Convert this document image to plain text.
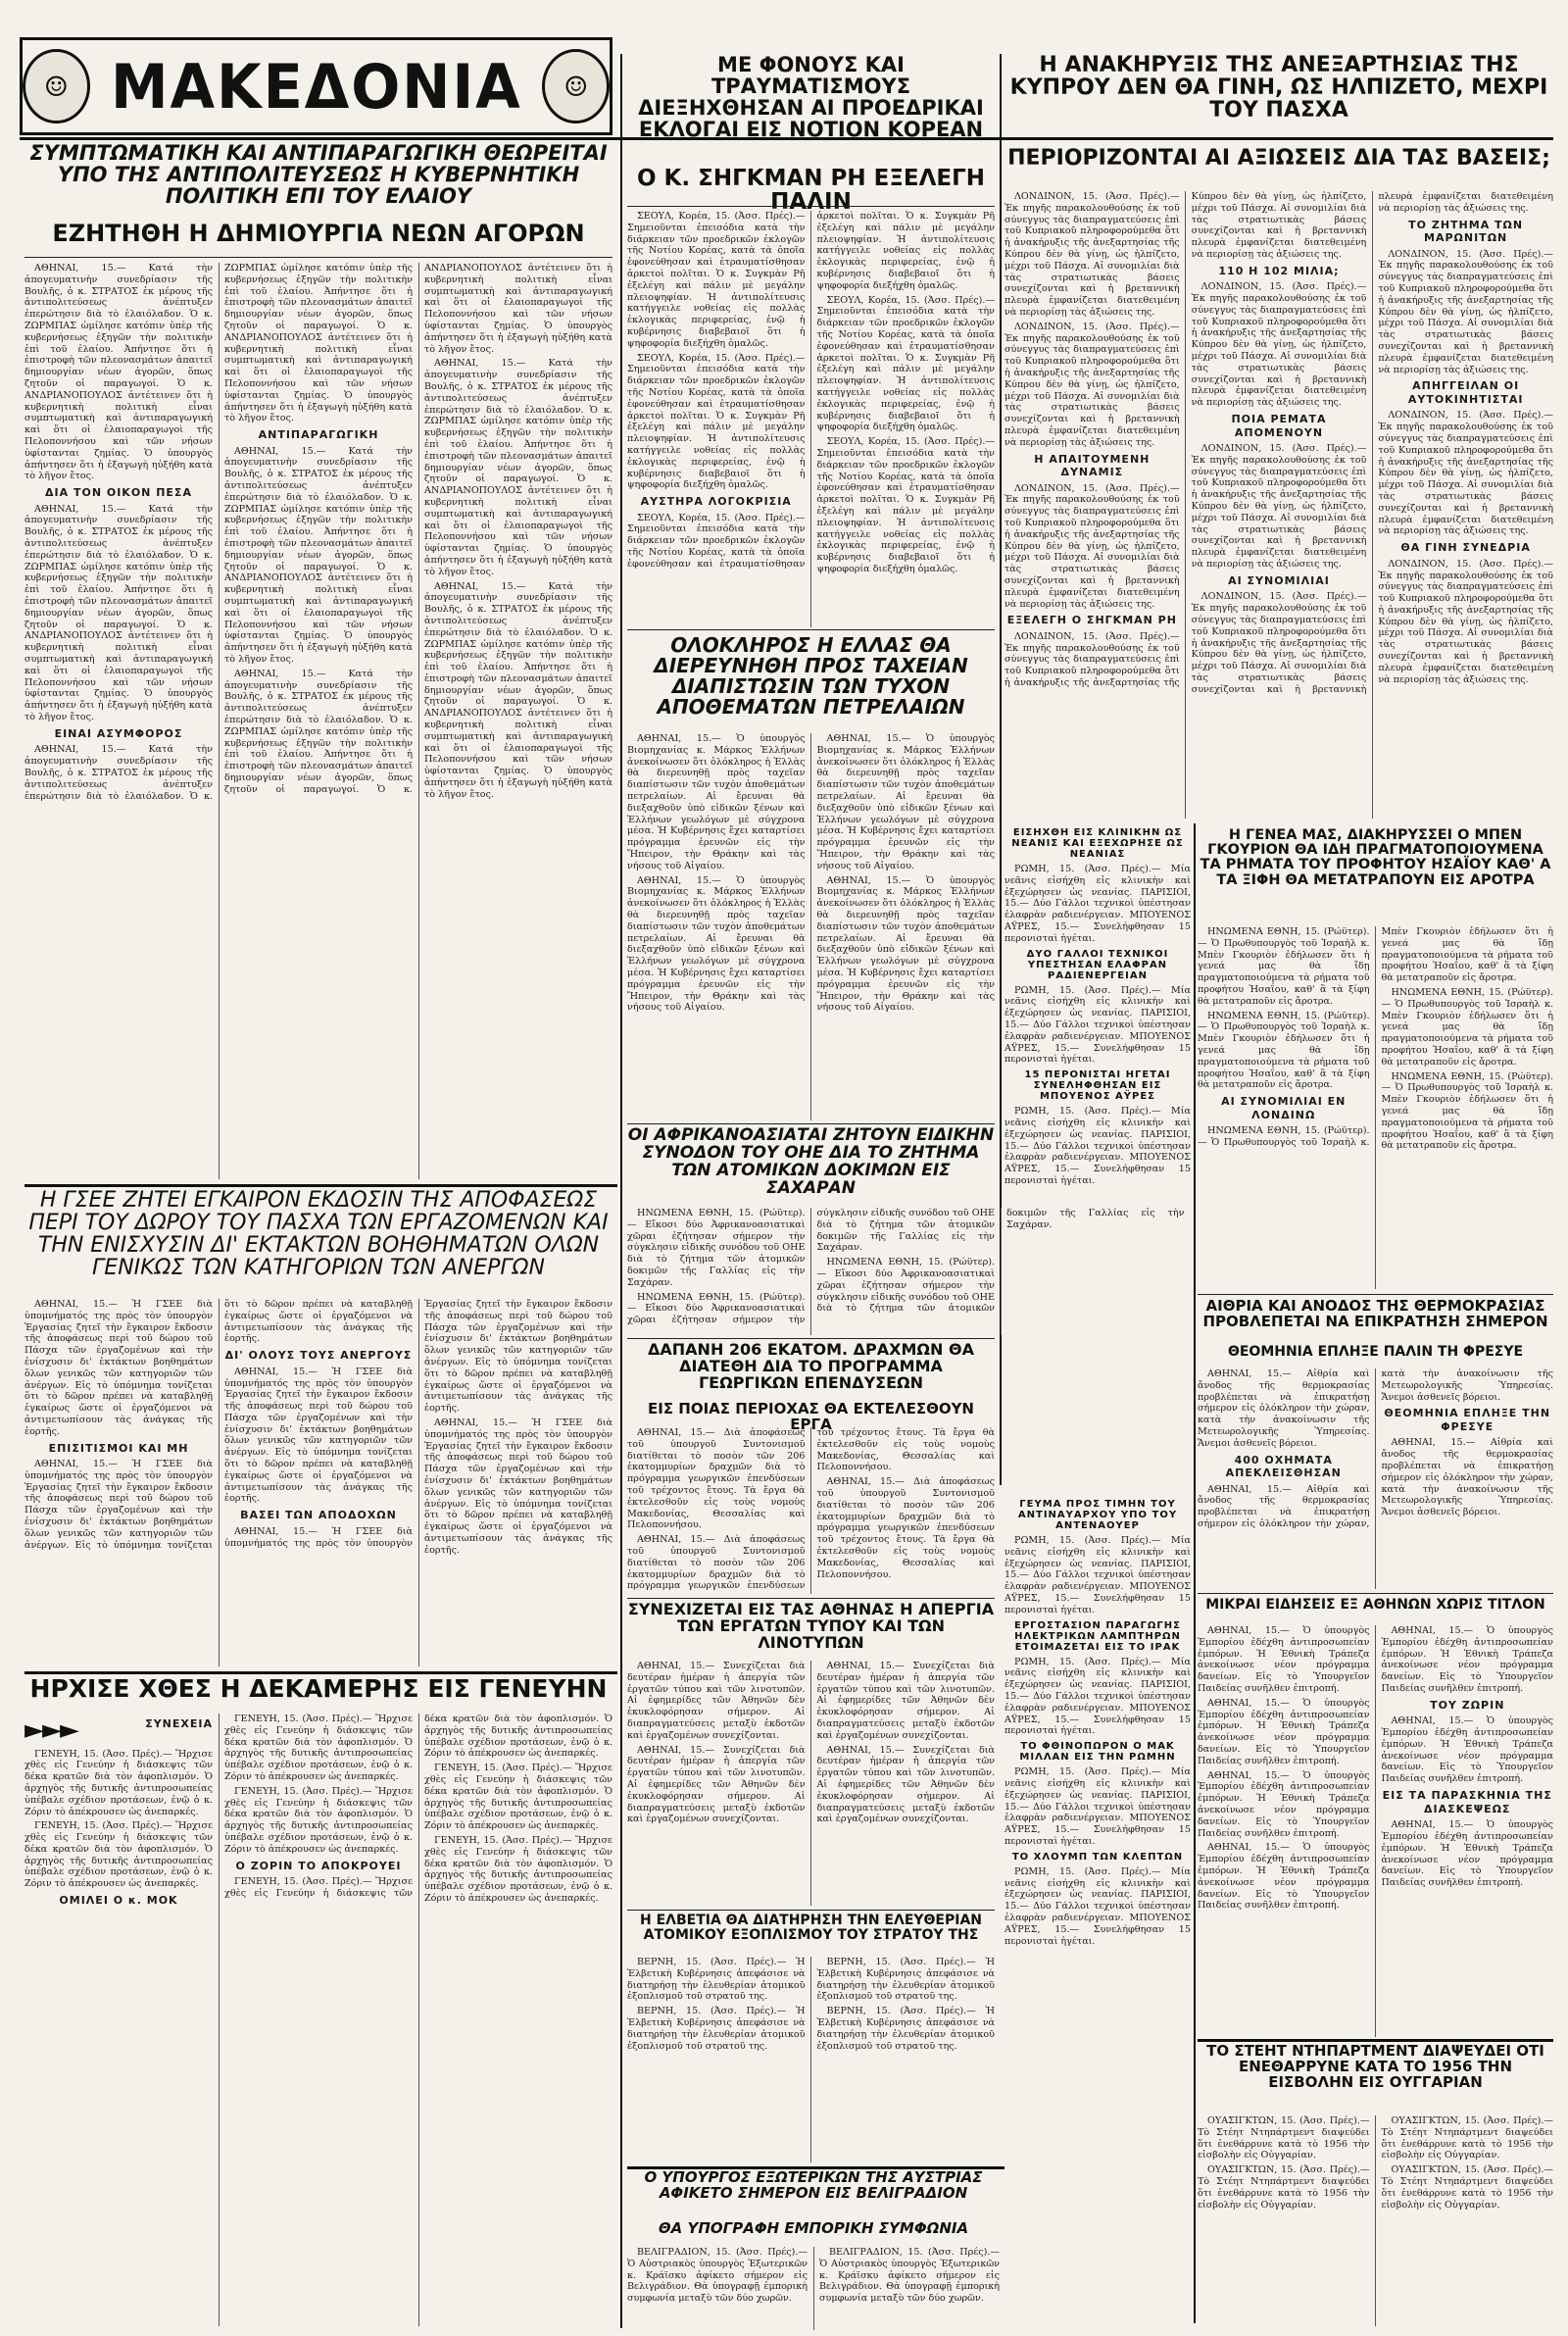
☺ ΜΑΚΕΔΟΝΙΑ	☺
ΣΥΜΠΤΩΜΑΤΙΚΗ ΚΑΙ ΑΝΤΙΠΑΡΑΓΩΓΙΚΗ ΘΕΩΡΕΙΤΑΙ ΥΠΟ ΤΗΣ ΑΝΤΙΠΟΛΙΤΕΥΣΕΩΣ Η ΚΥΒΕΡΝΗΤΙΚΗ ΠΟΛΙΤΙΚΗ ΕΠΙ ΤΟΥ ΕΛΑΙΟΥ
ΕΖΗΤΗΘΗ Η ΔΗΜΙΟΥΡΓΙΑ ΝΕΩΝ ΑΓΟΡΩΝ

ΑΘΗΝΑΙ, 15.— Κατά τὴν ἀπογευματινὴν συνεδρίασιν τῆς Βουλῆς, ὁ κ. ΣΤΡΑΤΟΣ ἐκ μέρους τῆς ἀντιπολιτεύσεως ἀνέπτυξεν ἐπερώτησιν διὰ τὸ ἐλαιόλαδον. Ὁ κ. ΖΩΡΜΠΑΣ ὡμίλησε κατόπιν ὑπὲρ τῆς κυβερνήσεως ἐξηγῶν τὴν πολιτικὴν ἐπὶ τοῦ ἐλαίου. Ἀπήντησε ὅτι ἡ ἐπιστροφὴ τῶν πλεονασμάτων ἀπαιτεῖ δημιουργίαν νέων ἀγορῶν, ὅπως ζητοῦν οἱ παραγωγοί. Ὁ κ. ΑΝΔΡΙΑΝΟΠΟΥΛΟΣ ἀντέτεινεν ὅτι ἡ κυβερνητικὴ πολιτικὴ εἶναι συμπτωματικὴ καὶ ἀντιπαραγωγική καὶ ὅτι οἱ ἐλαιοπαραγωγοὶ τῆς Πελοποννήσου καὶ τῶν νήσων ὑφίστανται ζημίας. Ὁ ὑπουργὸς ἀπήντησεν ὅτι ἡ ἐξαγωγὴ ηὐξήθη κατὰ τὸ λῆγον ἔτος.

ΔΙΑ ΤΟΝ ΟΙΚΟΝ ΠΕΣΑ

ΑΘΗΝΑΙ, 15.— Κατά τὴν ἀπογευματινὴν συνεδρίασιν τῆς Βουλῆς, ὁ κ. ΣΤΡΑΤΟΣ ἐκ μέρους τῆς ἀντιπολιτεύσεως ἀνέπτυξεν ἐπερώτησιν διὰ τὸ ἐλαιόλαδον. Ὁ κ. ΖΩΡΜΠΑΣ ὡμίλησε κατόπιν ὑπὲρ τῆς κυβερνήσεως ἐξηγῶν τὴν πολιτικὴν ἐπὶ τοῦ ἐλαίου. Ἀπήντησε ὅτι ἡ ἐπιστροφὴ τῶν πλεονασμάτων ἀπαιτεῖ δημιουργίαν νέων ἀγορῶν, ὅπως ζητοῦν οἱ παραγωγοί. Ὁ κ. ΑΝΔΡΙΑΝΟΠΟΥΛΟΣ ἀντέτεινεν ὅτι ἡ κυβερνητικὴ πολιτικὴ εἶναι συμπτωματικὴ καὶ ἀντιπαραγωγική καὶ ὅτι οἱ ἐλαιοπαραγωγοὶ τῆς Πελοποννήσου καὶ τῶν νήσων ὑφίστανται ζημίας. Ὁ ὑπουργὸς ἀπήντησεν ὅτι ἡ ἐξαγωγὴ ηὐξήθη κατὰ τὸ λῆγον ἔτος.

ΕΙΝΑΙ ΑΣΥΜΦΟΡΟΣ

ΑΘΗΝΑΙ, 15.— Κατά τὴν ἀπογευματινὴν συνεδρίασιν τῆς Βουλῆς, ὁ κ. ΣΤΡΑΤΟΣ ἐκ μέρους τῆς ἀντιπολιτεύσεως ἀνέπτυξεν ἐπερώτησιν διὰ τὸ ἐλαιόλαδον. Ὁ κ. ΖΩΡΜΠΑΣ ὡμίλησε κατόπιν ὑπὲρ τῆς κυβερνήσεως ἐξηγῶν τὴν πολιτικὴν ἐπὶ τοῦ ἐλαίου. Ἀπήντησε ὅτι ἡ ἐπιστροφὴ τῶν πλεονασμάτων ἀπαιτεῖ δημιουργίαν νέων ἀγορῶν, ὅπως ζητοῦν οἱ παραγωγοί. Ὁ κ. ΑΝΔΡΙΑΝΟΠΟΥΛΟΣ ἀντέτεινεν ὅτι ἡ κυβερνητικὴ πολιτικὴ εἶναι συμπτωματικὴ καὶ ἀντιπαραγωγική καὶ ὅτι οἱ ἐλαιοπαραγωγοὶ τῆς Πελοποννήσου καὶ τῶν νήσων ὑφίστανται ζημίας. Ὁ ὑπουργὸς ἀπήντησεν ὅτι ἡ ἐξαγωγὴ ηὐξήθη κατὰ τὸ λῆγον ἔτος.

ΑΝΤΙΠΑΡΑΓΩΓΙΚΗ

ΑΘΗΝΑΙ, 15.— Κατά τὴν ἀπογευματινὴν συνεδρίασιν τῆς Βουλῆς, ὁ κ. ΣΤΡΑΤΟΣ ἐκ μέρους τῆς ἀντιπολιτεύσεως ἀνέπτυξεν ἐπερώτησιν διὰ τὸ ἐλαιόλαδον. Ὁ κ. ΖΩΡΜΠΑΣ ὡμίλησε κατόπιν ὑπὲρ τῆς κυβερνήσεως ἐξηγῶν τὴν πολιτικὴν ἐπὶ τοῦ ἐλαίου. Ἀπήντησε ὅτι ἡ ἐπιστροφὴ τῶν πλεονασμάτων ἀπαιτεῖ δημιουργίαν νέων ἀγορῶν, ὅπως ζητοῦν οἱ παραγωγοί. Ὁ κ. ΑΝΔΡΙΑΝΟΠΟΥΛΟΣ ἀντέτεινεν ὅτι ἡ κυβερνητικὴ πολιτικὴ εἶναι συμπτωματικὴ καὶ ἀντιπαραγωγική καὶ ὅτι οἱ ἐλαιοπαραγωγοὶ τῆς Πελοποννήσου καὶ τῶν νήσων ὑφίστανται ζημίας. Ὁ ὑπουργὸς ἀπήντησεν ὅτι ἡ ἐξαγωγὴ ηὐξήθη κατὰ τὸ λῆγον ἔτος.

ΑΘΗΝΑΙ, 15.— Κατά τὴν ἀπογευματινὴν συνεδρίασιν τῆς Βουλῆς, ὁ κ. ΣΤΡΑΤΟΣ ἐκ μέρους τῆς ἀντιπολιτεύσεως ἀνέπτυξεν ἐπερώτησιν διὰ τὸ ἐλαιόλαδον. Ὁ κ. ΖΩΡΜΠΑΣ ὡμίλησε κατόπιν ὑπὲρ τῆς κυβερνήσεως ἐξηγῶν τὴν πολιτικὴν ἐπὶ τοῦ ἐλαίου. Ἀπήντησε ὅτι ἡ ἐπιστροφὴ τῶν πλεονασμάτων ἀπαιτεῖ δημιουργίαν νέων ἀγορῶν, ὅπως ζητοῦν οἱ παραγωγοί. Ὁ κ. ΑΝΔΡΙΑΝΟΠΟΥΛΟΣ ἀντέτεινεν ὅτι ἡ κυβερνητικὴ πολιτικὴ εἶναι συμπτωματικὴ καὶ ἀντιπαραγωγική καὶ ὅτι οἱ ἐλαιοπαραγωγοὶ τῆς Πελοποννήσου καὶ τῶν νήσων ὑφίστανται ζημίας. Ὁ ὑπουργὸς ἀπήντησεν ὅτι ἡ ἐξαγωγὴ ηὐξήθη κατὰ τὸ λῆγον ἔτος.

ΑΘΗΝΑΙ, 15.— Κατά τὴν ἀπογευματινὴν συνεδρίασιν τῆς Βουλῆς, ὁ κ. ΣΤΡΑΤΟΣ ἐκ μέρους τῆς ἀντιπολιτεύσεως ἀνέπτυξεν ἐπερώτησιν διὰ τὸ ἐλαιόλαδον. Ὁ κ. ΖΩΡΜΠΑΣ ὡμίλησε κατόπιν ὑπὲρ τῆς κυβερνήσεως ἐξηγῶν τὴν πολιτικὴν ἐπὶ τοῦ ἐλαίου. Ἀπήντησε ὅτι ἡ ἐπιστροφὴ τῶν πλεονασμάτων ἀπαιτεῖ δημιουργίαν νέων ἀγορῶν, ὅπως ζητοῦν οἱ παραγωγοί. Ὁ κ. ΑΝΔΡΙΑΝΟΠΟΥΛΟΣ ἀντέτεινεν ὅτι ἡ κυβερνητικὴ πολιτικὴ εἶναι συμπτωματικὴ καὶ ἀντιπαραγωγική καὶ ὅτι οἱ ἐλαιοπαραγωγοὶ τῆς Πελοποννήσου καὶ τῶν νήσων ὑφίστανται ζημίας. Ὁ ὑπουργὸς ἀπήντησεν ὅτι ἡ ἐξαγωγὴ ηὐξήθη κατὰ τὸ λῆγον ἔτος.

ΑΘΗΝΑΙ, 15.— Κατά τὴν ἀπογευματινὴν συνεδρίασιν τῆς Βουλῆς, ὁ κ. ΣΤΡΑΤΟΣ ἐκ μέρους τῆς ἀντιπολιτεύσεως ἀνέπτυξεν ἐπερώτησιν διὰ τὸ ἐλαιόλαδον. Ὁ κ. ΖΩΡΜΠΑΣ ὡμίλησε κατόπιν ὑπὲρ τῆς κυβερνήσεως ἐξηγῶν τὴν πολιτικὴν ἐπὶ τοῦ ἐλαίου. Ἀπήντησε ὅτι ἡ ἐπιστροφὴ τῶν πλεονασμάτων ἀπαιτεῖ δημιουργίαν νέων ἀγορῶν, ὅπως ζητοῦν οἱ παραγωγοί. Ὁ κ. ΑΝΔΡΙΑΝΟΠΟΥΛΟΣ ἀντέτεινεν ὅτι ἡ κυβερνητικὴ πολιτικὴ εἶναι συμπτωματικὴ καὶ ἀντιπαραγωγική καὶ ὅτι οἱ ἐλαιοπαραγωγοὶ τῆς Πελοποννήσου καὶ τῶν νήσων ὑφίστανται ζημίας. Ὁ ὑπουργὸς ἀπήντησεν ὅτι ἡ ἐξαγωγὴ ηὐξήθη κατὰ τὸ λῆγον ἔτος.

Η ΓΣΕΕ ΖΗΤΕΙ ΕΓΚΑΙΡΟΝ ΕΚΔΟΣΙΝ ΤΗΣ ΑΠΟΦΑΣΕΩΣ ΠΕΡΙ ΤΟΥ ΔΩΡΟΥ ΤΟΥ ΠΑΣΧΑ ΤΩΝ ΕΡΓΑΖΟΜΕΝΩΝ ΚΑΙ ΤΗΝ ΕΝΙΣΧΥΣΙΝ ΔΙ' ΕΚΤΑΚΤΩΝ ΒΟΗΘΗΜΑΤΩΝ ΟΛΩΝ ΓΕΝΙΚΩΣ ΤΩΝ ΚΑΤΗΓΟΡΙΩΝ ΤΩΝ ΑΝΕΡΓΩΝ

ΑΘΗΝΑΙ, 15.— Ἡ ΓΣΕΕ διὰ ὑπομνήματός της πρὸς τὸν ὑπουργὸν Ἐργασίας ζητεῖ τὴν ἔγκαιρον ἔκδοσιν τῆς ἀποφάσεως περὶ τοῦ δώρου τοῦ Πάσχα τῶν ἐργαζομένων καὶ τὴν ἐνίσχυσιν δι' ἐκτάκτων βοηθημάτων ὅλων γενικῶς τῶν κατηγοριῶν τῶν ἀνέργων. Εἰς τὸ ὑπόμνημα τονίζεται ὅτι τὸ δῶρον πρέπει νὰ καταβληθῇ ἐγκαίρως ὥστε οἱ ἐργαζόμενοι νὰ ἀντιμετωπίσουν τὰς ἀνάγκας τῆς ἑορτῆς.

ΕΠΙΣΙΤΙΣΜΟΙ ΚΑΙ ΜΗ

ΑΘΗΝΑΙ, 15.— Ἡ ΓΣΕΕ διὰ ὑπομνήματός της πρὸς τὸν ὑπουργὸν Ἐργασίας ζητεῖ τὴν ἔγκαιρον ἔκδοσιν τῆς ἀποφάσεως περὶ τοῦ δώρου τοῦ Πάσχα τῶν ἐργαζομένων καὶ τὴν ἐνίσχυσιν δι' ἐκτάκτων βοηθημάτων ὅλων γενικῶς τῶν κατηγοριῶν τῶν ἀνέργων. Εἰς τὸ ὑπόμνημα τονίζεται ὅτι τὸ δῶρον πρέπει νὰ καταβληθῇ ἐγκαίρως ὥστε οἱ ἐργαζόμενοι νὰ ἀντιμετωπίσουν τὰς ἀνάγκας τῆς ἑορτῆς.

ΔΙ' ΟΛΟΥΣ ΤΟΥΣ ΑΝΕΡΓΟΥΣ

ΑΘΗΝΑΙ, 15.— Ἡ ΓΣΕΕ διὰ ὑπομνήματός της πρὸς τὸν ὑπουργὸν Ἐργασίας ζητεῖ τὴν ἔγκαιρον ἔκδοσιν τῆς ἀποφάσεως περὶ τοῦ δώρου τοῦ Πάσχα τῶν ἐργαζομένων καὶ τὴν ἐνίσχυσιν δι' ἐκτάκτων βοηθημάτων ὅλων γενικῶς τῶν κατηγοριῶν τῶν ἀνέργων. Εἰς τὸ ὑπόμνημα τονίζεται ὅτι τὸ δῶρον πρέπει νὰ καταβληθῇ ἐγκαίρως ὥστε οἱ ἐργαζόμενοι νὰ ἀντιμετωπίσουν τὰς ἀνάγκας τῆς ἑορτῆς.

ΒΑΣΕΙ ΤΩΝ ΑΠΟΔΟΧΩΝ

ΑΘΗΝΑΙ, 15.— Ἡ ΓΣΕΕ διὰ ὑπομνήματός της πρὸς τὸν ὑπουργὸν Ἐργασίας ζητεῖ τὴν ἔγκαιρον ἔκδοσιν τῆς ἀποφάσεως περὶ τοῦ δώρου τοῦ Πάσχα τῶν ἐργαζομένων καὶ τὴν ἐνίσχυσιν δι' ἐκτάκτων βοηθημάτων ὅλων γενικῶς τῶν κατηγοριῶν τῶν ἀνέργων. Εἰς τὸ ὑπόμνημα τονίζεται ὅτι τὸ δῶρον πρέπει νὰ καταβληθῇ ἐγκαίρως ὥστε οἱ ἐργαζόμενοι νὰ ἀντιμετωπίσουν τὰς ἀνάγκας τῆς ἑορτῆς.

ΑΘΗΝΑΙ, 15.— Ἡ ΓΣΕΕ διὰ ὑπομνήματός της πρὸς τὸν ὑπουργὸν Ἐργασίας ζητεῖ τὴν ἔγκαιρον ἔκδοσιν τῆς ἀποφάσεως περὶ τοῦ δώρου τοῦ Πάσχα τῶν ἐργαζομένων καὶ τὴν ἐνίσχυσιν δι' ἐκτάκτων βοηθημάτων ὅλων γενικῶς τῶν κατηγοριῶν τῶν ἀνέργων. Εἰς τὸ ὑπόμνημα τονίζεται ὅτι τὸ δῶρον πρέπει νὰ καταβληθῇ ἐγκαίρως ὥστε οἱ ἐργαζόμενοι νὰ ἀντιμετωπίσουν τὰς ἀνάγκας τῆς ἑορτῆς.

ΗΡΧΙΣΕ ΧΘΕΣ Η ΔΕΚΑΜΕΡΗΣ ΕΙΣ ΓΕΝΕΥΗΝ
►►►	ΣΥΝΕΧΕΙΑ

ΓΕΝΕΥΗ, 15. (Ἀσσ. Πρές).— Ἤρχισε χθὲς εἰς Γενεύην ἡ διάσκεψις τῶν δέκα κρατῶν διὰ τὸν ἀφοπλισμόν. Ὁ ἀρχηγὸς τῆς δυτικῆς ἀντιπροσωπείας ὑπέβαλε σχέδιον προτάσεων, ἐνῷ ὁ κ. Ζόριν τὸ ἀπέκρουσεν ὡς ἀνεπαρκές.

ΓΕΝΕΥΗ, 15. (Ἀσσ. Πρές).— Ἤρχισε χθὲς εἰς Γενεύην ἡ διάσκεψις τῶν δέκα κρατῶν διὰ τὸν ἀφοπλισμόν. Ὁ ἀρχηγὸς τῆς δυτικῆς ἀντιπροσωπείας ὑπέβαλε σχέδιον προτάσεων, ἐνῷ ὁ κ. Ζόριν τὸ ἀπέκρουσεν ὡς ἀνεπαρκές.

ΟΜΙΛΕΙ Ο κ. ΜΟΚ

ΓΕΝΕΥΗ, 15. (Ἀσσ. Πρές).— Ἤρχισε χθὲς εἰς Γενεύην ἡ διάσκεψις τῶν δέκα κρατῶν διὰ τὸν ἀφοπλισμόν. Ὁ ἀρχηγὸς τῆς δυτικῆς ἀντιπροσωπείας ὑπέβαλε σχέδιον προτάσεων, ἐνῷ ὁ κ. Ζόριν τὸ ἀπέκρουσεν ὡς ἀνεπαρκές.

ΓΕΝΕΥΗ, 15. (Ἀσσ. Πρές).— Ἤρχισε χθὲς εἰς Γενεύην ἡ διάσκεψις τῶν δέκα κρατῶν διὰ τὸν ἀφοπλισμόν. Ὁ ἀρχηγὸς τῆς δυτικῆς ἀντιπροσωπείας ὑπέβαλε σχέδιον προτάσεων, ἐνῷ ὁ κ. Ζόριν τὸ ἀπέκρουσεν ὡς ἀνεπαρκές.

Ο ΖΟΡΙΝ ΤΟ ΑΠΟΚΡΟΥΕΙ

ΓΕΝΕΥΗ, 15. (Ἀσσ. Πρές).— Ἤρχισε χθὲς εἰς Γενεύην ἡ διάσκεψις τῶν δέκα κρατῶν διὰ τὸν ἀφοπλισμόν. Ὁ ἀρχηγὸς τῆς δυτικῆς ἀντιπροσωπείας ὑπέβαλε σχέδιον προτάσεων, ἐνῷ ὁ κ. Ζόριν τὸ ἀπέκρουσεν ὡς ἀνεπαρκές.

ΓΕΝΕΥΗ, 15. (Ἀσσ. Πρές).— Ἤρχισε χθὲς εἰς Γενεύην ἡ διάσκεψις τῶν δέκα κρατῶν διὰ τὸν ἀφοπλισμόν. Ὁ ἀρχηγὸς τῆς δυτικῆς ἀντιπροσωπείας ὑπέβαλε σχέδιον προτάσεων, ἐνῷ ὁ κ. Ζόριν τὸ ἀπέκρουσεν ὡς ἀνεπαρκές.

ΓΕΝΕΥΗ, 15. (Ἀσσ. Πρές).— Ἤρχισε χθὲς εἰς Γενεύην ἡ διάσκεψις τῶν δέκα κρατῶν διὰ τὸν ἀφοπλισμόν. Ὁ ἀρχηγὸς τῆς δυτικῆς ἀντιπροσωπείας ὑπέβαλε σχέδιον προτάσεων, ἐνῷ ὁ κ. Ζόριν τὸ ἀπέκρουσεν ὡς ἀνεπαρκές.

ΜΕ ΦΟΝΟΥΣ ΚΑΙ ΤΡΑΥΜΑΤΙΣΜΟΥΣ ΔΙΕΞΗΧΘΗΣΑΝ ΑΙ ΠΡΟΕΔΡΙΚΑΙ ΕΚΛΟΓΑΙ ΕΙΣ ΝΟΤΙΟΝ ΚΟΡΕΑΝ
Ο Κ. ΣΗΓΚΜΑΝ ΡΗ ΕΞΕΛΕΓΗ ΠΑΛΙΝ

ΣΕΟΥΛ, Κορέα, 15. (Ἀσσ. Πρές).— Σημειοῦνται ἐπεισόδια κατὰ τὴν διάρκειαν τῶν προεδρικῶν ἐκλογῶν τῆς Νοτίου Κορέας, κατὰ τὰ ὁποῖα ἐφονεύθησαν καὶ ἐτραυματίσθησαν ἀρκετοὶ πολῖται. Ὁ κ. Συγκμὰν Ρῆ ἐξελέγη καὶ πάλιν μὲ μεγάλην πλειοψηφίαν. Ἡ ἀντιπολίτευσις κατήγγειλε νοθείας εἰς πολλὰς ἐκλογικὰς περιφερείας, ἐνῷ ἡ κυβέρνησις διαβεβαιοῖ ὅτι ἡ ψηφοφορία διεξήχθη ὁμαλῶς.

ΣΕΟΥΛ, Κορέα, 15. (Ἀσσ. Πρές).— Σημειοῦνται ἐπεισόδια κατὰ τὴν διάρκειαν τῶν προεδρικῶν ἐκλογῶν τῆς Νοτίου Κορέας, κατὰ τὰ ὁποῖα ἐφονεύθησαν καὶ ἐτραυματίσθησαν ἀρκετοὶ πολῖται. Ὁ κ. Συγκμὰν Ρῆ ἐξελέγη καὶ πάλιν μὲ μεγάλην πλειοψηφίαν. Ἡ ἀντιπολίτευσις κατήγγειλε νοθείας εἰς πολλὰς ἐκλογικὰς περιφερείας, ἐνῷ ἡ κυβέρνησις διαβεβαιοῖ ὅτι ἡ ψηφοφορία διεξήχθη ὁμαλῶς.

ΑΥΣΤΗΡΑ ΛΟΓΟΚΡΙΣΙΑ

ΣΕΟΥΛ, Κορέα, 15. (Ἀσσ. Πρές).— Σημειοῦνται ἐπεισόδια κατὰ τὴν διάρκειαν τῶν προεδρικῶν ἐκλογῶν τῆς Νοτίου Κορέας, κατὰ τὰ ὁποῖα ἐφονεύθησαν καὶ ἐτραυματίσθησαν ἀρκετοὶ πολῖται. Ὁ κ. Συγκμὰν Ρῆ ἐξελέγη καὶ πάλιν μὲ μεγάλην πλειοψηφίαν. Ἡ ἀντιπολίτευσις κατήγγειλε νοθείας εἰς πολλὰς ἐκλογικὰς περιφερείας, ἐνῷ ἡ κυβέρνησις διαβεβαιοῖ ὅτι ἡ ψηφοφορία διεξήχθη ὁμαλῶς.

ΣΕΟΥΛ, Κορέα, 15. (Ἀσσ. Πρές).— Σημειοῦνται ἐπεισόδια κατὰ τὴν διάρκειαν τῶν προεδρικῶν ἐκλογῶν τῆς Νοτίου Κορέας, κατὰ τὰ ὁποῖα ἐφονεύθησαν καὶ ἐτραυματίσθησαν ἀρκετοὶ πολῖται. Ὁ κ. Συγκμὰν Ρῆ ἐξελέγη καὶ πάλιν μὲ μεγάλην πλειοψηφίαν. Ἡ ἀντιπολίτευσις κατήγγειλε νοθείας εἰς πολλὰς ἐκλογικὰς περιφερείας, ἐνῷ ἡ κυβέρνησις διαβεβαιοῖ ὅτι ἡ ψηφοφορία διεξήχθη ὁμαλῶς.

ΣΕΟΥΛ, Κορέα, 15. (Ἀσσ. Πρές).— Σημειοῦνται ἐπεισόδια κατὰ τὴν διάρκειαν τῶν προεδρικῶν ἐκλογῶν τῆς Νοτίου Κορέας, κατὰ τὰ ὁποῖα ἐφονεύθησαν καὶ ἐτραυματίσθησαν ἀρκετοὶ πολῖται. Ὁ κ. Συγκμὰν Ρῆ ἐξελέγη καὶ πάλιν μὲ μεγάλην πλειοψηφίαν. Ἡ ἀντιπολίτευσις κατήγγειλε νοθείας εἰς πολλὰς ἐκλογικὰς περιφερείας, ἐνῷ ἡ κυβέρνησις διαβεβαιοῖ ὅτι ἡ ψηφοφορία διεξήχθη ὁμαλῶς.

Η ΑΝΑΚΗΡΥΞΙΣ ΤΗΣ ΑΝΕΞΑΡΤΗΣΙΑΣ ΤΗΣ ΚΥΠΡΟΥ ΔΕΝ ΘΑ ΓΙΝΗ, ΩΣ ΗΛΠΙΖΕΤΟ, ΜΕΧΡΙ ΤΟΥ ΠΑΣΧΑ
ΠΕΡΙΟΡΙΖΟΝΤΑΙ ΑΙ ΑΞΙΩΣΕΙΣ ΔΙΑ ΤΑΣ ΒΑΣΕΙΣ;

ΛΟΝΔΙΝΟΝ, 15. (Ἀσσ. Πρές).— Ἐκ πηγῆς παρακολουθούσης ἐκ τοῦ σύνεγγυς τὰς διαπραγματεύσεις ἐπὶ τοῦ Κυπριακοῦ πληροφορούμεθα ὅτι ἡ ἀνακήρυξις τῆς ἀνεξαρτησίας τῆς Κύπρου δὲν θὰ γίνῃ, ὡς ἠλπίζετο, μέχρι τοῦ Πάσχα. Αἱ συνομιλίαι διὰ τὰς στρατιωτικὰς βάσεις συνεχίζονται καὶ ἡ βρεταννικὴ πλευρὰ ἐμφανίζεται διατεθειμένη νὰ περιορίσῃ τὰς ἀξιώσεις της.

ΛΟΝΔΙΝΟΝ, 15. (Ἀσσ. Πρές).— Ἐκ πηγῆς παρακολουθούσης ἐκ τοῦ σύνεγγυς τὰς διαπραγματεύσεις ἐπὶ τοῦ Κυπριακοῦ πληροφορούμεθα ὅτι ἡ ἀνακήρυξις τῆς ἀνεξαρτησίας τῆς Κύπρου δὲν θὰ γίνῃ, ὡς ἠλπίζετο, μέχρι τοῦ Πάσχα. Αἱ συνομιλίαι διὰ τὰς στρατιωτικὰς βάσεις συνεχίζονται καὶ ἡ βρεταννικὴ πλευρὰ ἐμφανίζεται διατεθειμένη νὰ περιορίσῃ τὰς ἀξιώσεις της.

Η ΑΠΑΙΤΟΥΜΕΝΗ ΔΥΝΑΜΙΣ

ΛΟΝΔΙΝΟΝ, 15. (Ἀσσ. Πρές).— Ἐκ πηγῆς παρακολουθούσης ἐκ τοῦ σύνεγγυς τὰς διαπραγματεύσεις ἐπὶ τοῦ Κυπριακοῦ πληροφορούμεθα ὅτι ἡ ἀνακήρυξις τῆς ἀνεξαρτησίας τῆς Κύπρου δὲν θὰ γίνῃ, ὡς ἠλπίζετο, μέχρι τοῦ Πάσχα. Αἱ συνομιλίαι διὰ τὰς στρατιωτικὰς βάσεις συνεχίζονται καὶ ἡ βρεταννικὴ πλευρὰ ἐμφανίζεται διατεθειμένη νὰ περιορίσῃ τὰς ἀξιώσεις της.

ΕΞΕΛΕΓΗ Ο ΣΗΓΚΜΑΝ ΡΗ

ΛΟΝΔΙΝΟΝ, 15. (Ἀσσ. Πρές).— Ἐκ πηγῆς παρακολουθούσης ἐκ τοῦ σύνεγγυς τὰς διαπραγματεύσεις ἐπὶ τοῦ Κυπριακοῦ πληροφορούμεθα ὅτι ἡ ἀνακήρυξις τῆς ἀνεξαρτησίας τῆς Κύπρου δὲν θὰ γίνῃ, ὡς ἠλπίζετο, μέχρι τοῦ Πάσχα. Αἱ συνομιλίαι διὰ τὰς στρατιωτικὰς βάσεις συνεχίζονται καὶ ἡ βρεταννικὴ πλευρὰ ἐμφανίζεται διατεθειμένη νὰ περιορίσῃ τὰς ἀξιώσεις της.

110 Η 102 ΜΙΛΙΑ;

ΛΟΝΔΙΝΟΝ, 15. (Ἀσσ. Πρές).— Ἐκ πηγῆς παρακολουθούσης ἐκ τοῦ σύνεγγυς τὰς διαπραγματεύσεις ἐπὶ τοῦ Κυπριακοῦ πληροφορούμεθα ὅτι ἡ ἀνακήρυξις τῆς ἀνεξαρτησίας τῆς Κύπρου δὲν θὰ γίνῃ, ὡς ἠλπίζετο, μέχρι τοῦ Πάσχα. Αἱ συνομιλίαι διὰ τὰς στρατιωτικὰς βάσεις συνεχίζονται καὶ ἡ βρεταννικὴ πλευρὰ ἐμφανίζεται διατεθειμένη νὰ περιορίσῃ τὰς ἀξιώσεις της.

ΠΟΙΑ ΡΕΜΑΤΑ ΑΠΟΜΕΝΟΥΝ

ΛΟΝΔΙΝΟΝ, 15. (Ἀσσ. Πρές).— Ἐκ πηγῆς παρακολουθούσης ἐκ τοῦ σύνεγγυς τὰς διαπραγματεύσεις ἐπὶ τοῦ Κυπριακοῦ πληροφορούμεθα ὅτι ἡ ἀνακήρυξις τῆς ἀνεξαρτησίας τῆς Κύπρου δὲν θὰ γίνῃ, ὡς ἠλπίζετο, μέχρι τοῦ Πάσχα. Αἱ συνομιλίαι διὰ τὰς στρατιωτικὰς βάσεις συνεχίζονται καὶ ἡ βρεταννικὴ πλευρὰ ἐμφανίζεται διατεθειμένη νὰ περιορίσῃ τὰς ἀξιώσεις της.

ΑΙ ΣΥΝΟΜΙΛΙΑΙ

ΛΟΝΔΙΝΟΝ, 15. (Ἀσσ. Πρές).— Ἐκ πηγῆς παρακολουθούσης ἐκ τοῦ σύνεγγυς τὰς διαπραγματεύσεις ἐπὶ τοῦ Κυπριακοῦ πληροφορούμεθα ὅτι ἡ ἀνακήρυξις τῆς ἀνεξαρτησίας τῆς Κύπρου δὲν θὰ γίνῃ, ὡς ἠλπίζετο, μέχρι τοῦ Πάσχα. Αἱ συνομιλίαι διὰ τὰς στρατιωτικὰς βάσεις συνεχίζονται καὶ ἡ βρεταννικὴ πλευρὰ ἐμφανίζεται διατεθειμένη νὰ περιορίσῃ τὰς ἀξιώσεις της.

ΤΟ ΖΗΤΗΜΑ ΤΩΝ ΜΑΡΩΝΙΤΩΝ

ΛΟΝΔΙΝΟΝ, 15. (Ἀσσ. Πρές).— Ἐκ πηγῆς παρακολουθούσης ἐκ τοῦ σύνεγγυς τὰς διαπραγματεύσεις ἐπὶ τοῦ Κυπριακοῦ πληροφορούμεθα ὅτι ἡ ἀνακήρυξις τῆς ἀνεξαρτησίας τῆς Κύπρου δὲν θὰ γίνῃ, ὡς ἠλπίζετο, μέχρι τοῦ Πάσχα. Αἱ συνομιλίαι διὰ τὰς στρατιωτικὰς βάσεις συνεχίζονται καὶ ἡ βρεταννικὴ πλευρὰ ἐμφανίζεται διατεθειμένη νὰ περιορίσῃ τὰς ἀξιώσεις της.

ΑΠΗΓΓΕΙΛΑΝ ΟΙ ΑΥΤΟΚΙΝΗΤΙΣΤΑΙ

ΛΟΝΔΙΝΟΝ, 15. (Ἀσσ. Πρές).— Ἐκ πηγῆς παρακολουθούσης ἐκ τοῦ σύνεγγυς τὰς διαπραγματεύσεις ἐπὶ τοῦ Κυπριακοῦ πληροφορούμεθα ὅτι ἡ ἀνακήρυξις τῆς ἀνεξαρτησίας τῆς Κύπρου δὲν θὰ γίνῃ, ὡς ἠλπίζετο, μέχρι τοῦ Πάσχα. Αἱ συνομιλίαι διὰ τὰς στρατιωτικὰς βάσεις συνεχίζονται καὶ ἡ βρεταννικὴ πλευρὰ ἐμφανίζεται διατεθειμένη νὰ περιορίσῃ τὰς ἀξιώσεις της.

ΘΑ ΓΙΝΗ ΣΥΝΕΔΡΙΑ

ΛΟΝΔΙΝΟΝ, 15. (Ἀσσ. Πρές).— Ἐκ πηγῆς παρακολουθούσης ἐκ τοῦ σύνεγγυς τὰς διαπραγματεύσεις ἐπὶ τοῦ Κυπριακοῦ πληροφορούμεθα ὅτι ἡ ἀνακήρυξις τῆς ἀνεξαρτησίας τῆς Κύπρου δὲν θὰ γίνῃ, ὡς ἠλπίζετο, μέχρι τοῦ Πάσχα. Αἱ συνομιλίαι διὰ τὰς στρατιωτικὰς βάσεις συνεχίζονται καὶ ἡ βρεταννικὴ πλευρὰ ἐμφανίζεται διατεθειμένη νὰ περιορίσῃ τὰς ἀξιώσεις της.

ΟΛΟΚΛΗΡΟΣ Η ΕΛΛΑΣ ΘΑ ΔΙΕΡΕΥΝΗΘΗ ΠΡΟΣ ΤΑΧΕΙΑΝ ΔΙΑΠΙΣΤΩΣΙΝ ΤΩΝ ΤΥΧΟΝ ΑΠΟΘΕΜΑΤΩΝ ΠΕΤΡΕΛΑΙΩΝ

ΑΘΗΝΑΙ, 15.— Ὁ ὑπουργὸς Βιομηχανίας κ. Μάρκος Ἑλλήνων ἀνεκοίνωσεν ὅτι ὁλόκληρος ἡ Ἑλλὰς θὰ διερευνηθῇ πρὸς ταχεῖαν διαπίστωσιν τῶν τυχὸν ἀποθεμάτων πετρελαίων. Αἱ ἔρευναι θὰ διεξαχθοῦν ὑπὸ εἰδικῶν ξένων καὶ Ἑλλήνων γεωλόγων μὲ σύγχρονα μέσα. Ἡ Κυβέρνησις ἔχει καταρτίσει πρόγραμμα ἐρευνῶν εἰς τὴν Ἤπειρον, τὴν Θράκην καὶ τὰς νήσους τοῦ Αἰγαίου.

ΑΘΗΝΑΙ, 15.— Ὁ ὑπουργὸς Βιομηχανίας κ. Μάρκος Ἑλλήνων ἀνεκοίνωσεν ὅτι ὁλόκληρος ἡ Ἑλλὰς θὰ διερευνηθῇ πρὸς ταχεῖαν διαπίστωσιν τῶν τυχὸν ἀποθεμάτων πετρελαίων. Αἱ ἔρευναι θὰ διεξαχθοῦν ὑπὸ εἰδικῶν ξένων καὶ Ἑλλήνων γεωλόγων μὲ σύγχρονα μέσα. Ἡ Κυβέρνησις ἔχει καταρτίσει πρόγραμμα ἐρευνῶν εἰς τὴν Ἤπειρον, τὴν Θράκην καὶ τὰς νήσους τοῦ Αἰγαίου.

ΑΘΗΝΑΙ, 15.— Ὁ ὑπουργὸς Βιομηχανίας κ. Μάρκος Ἑλλήνων ἀνεκοίνωσεν ὅτι ὁλόκληρος ἡ Ἑλλὰς θὰ διερευνηθῇ πρὸς ταχεῖαν διαπίστωσιν τῶν τυχὸν ἀποθεμάτων πετρελαίων. Αἱ ἔρευναι θὰ διεξαχθοῦν ὑπὸ εἰδικῶν ξένων καὶ Ἑλλήνων γεωλόγων μὲ σύγχρονα μέσα. Ἡ Κυβέρνησις ἔχει καταρτίσει πρόγραμμα ἐρευνῶν εἰς τὴν Ἤπειρον, τὴν Θράκην καὶ τὰς νήσους τοῦ Αἰγαίου.

ΑΘΗΝΑΙ, 15.— Ὁ ὑπουργὸς Βιομηχανίας κ. Μάρκος Ἑλλήνων ἀνεκοίνωσεν ὅτι ὁλόκληρος ἡ Ἑλλὰς θὰ διερευνηθῇ πρὸς ταχεῖαν διαπίστωσιν τῶν τυχὸν ἀποθεμάτων πετρελαίων. Αἱ ἔρευναι θὰ διεξαχθοῦν ὑπὸ εἰδικῶν ξένων καὶ Ἑλλήνων γεωλόγων μὲ σύγχρονα μέσα. Ἡ Κυβέρνησις ἔχει καταρτίσει πρόγραμμα ἐρευνῶν εἰς τὴν Ἤπειρον, τὴν Θράκην καὶ τὰς νήσους τοῦ Αἰγαίου.

ΟΙ ΑΦΡΙΚΑΝΟΑΣΙΑΤΑΙ ΖΗΤΟΥΝ ΕΙΔΙΚΗΝ ΣΥΝΟΔΟΝ ΤΟΥ ΟΗΕ ΔΙΑ ΤΟ ΖΗΤΗΜΑ ΤΩΝ ΑΤΟΜΙΚΩΝ ΔΟΚΙΜΩΝ ΕΙΣ ΣΑΧΑΡΑΝ

ΗΝΩΜΕΝΑ ΕΘΝΗ, 15. (Ρώϋτερ).— Εἴκοσι δύο Ἀφρικανοασιατικαὶ χῶραι ἐζήτησαν σήμερον τὴν σύγκλησιν εἰδικῆς συνόδου τοῦ ΟΗΕ διὰ τὸ ζήτημα τῶν ἀτομικῶν δοκιμῶν τῆς Γαλλίας εἰς τὴν Σαχάραν.

ΗΝΩΜΕΝΑ ΕΘΝΗ, 15. (Ρώϋτερ).— Εἴκοσι δύο Ἀφρικανοασιατικαὶ χῶραι ἐζήτησαν σήμερον τὴν σύγκλησιν εἰδικῆς συνόδου τοῦ ΟΗΕ διὰ τὸ ζήτημα τῶν ἀτομικῶν δοκιμῶν τῆς Γαλλίας εἰς τὴν Σαχάραν.

ΗΝΩΜΕΝΑ ΕΘΝΗ, 15. (Ρώϋτερ).— Εἴκοσι δύο Ἀφρικανοασιατικαὶ χῶραι ἐζήτησαν σήμερον τὴν σύγκλησιν εἰδικῆς συνόδου τοῦ ΟΗΕ διὰ τὸ ζήτημα τῶν ἀτομικῶν δοκιμῶν τῆς Γαλλίας εἰς τὴν Σαχάραν.

ΔΑΠΑΝΗ 206 ΕΚΑΤΟΜ. ΔΡΑΧΜΩΝ ΘΑ ΔΙΑΤΕΘΗ ΔΙΑ ΤΟ ΠΡΟΓΡΑΜΜΑ ΓΕΩΡΓΙΚΩΝ ΕΠΕΝΔΥΣΕΩΝ
ΕΙΣ ΠΟΙΑΣ ΠΕΡΙΟΧΑΣ ΘΑ ΕΚΤΕΛΕΣΘΟΥΝ ΕΡΓΑ

ΑΘΗΝΑΙ, 15.— Διὰ ἀποφάσεως τοῦ ὑπουργοῦ Συντονισμοῦ διατίθεται τὸ ποσὸν τῶν 206 ἑκατομμυρίων δραχμῶν διὰ τὸ πρόγραμμα γεωργικῶν ἐπενδύσεων τοῦ τρέχοντος ἔτους. Τὰ ἔργα θὰ ἐκτελεσθοῦν εἰς τοὺς νομοὺς Μακεδονίας, Θεσσαλίας καὶ Πελοποννήσου.

ΑΘΗΝΑΙ, 15.— Διὰ ἀποφάσεως τοῦ ὑπουργοῦ Συντονισμοῦ διατίθεται τὸ ποσὸν τῶν 206 ἑκατομμυρίων δραχμῶν διὰ τὸ πρόγραμμα γεωργικῶν ἐπενδύσεων τοῦ τρέχοντος ἔτους. Τὰ ἔργα θὰ ἐκτελεσθοῦν εἰς τοὺς νομοὺς Μακεδονίας, Θεσσαλίας καὶ Πελοποννήσου.

ΑΘΗΝΑΙ, 15.— Διὰ ἀποφάσεως τοῦ ὑπουργοῦ Συντονισμοῦ διατίθεται τὸ ποσὸν τῶν 206 ἑκατομμυρίων δραχμῶν διὰ τὸ πρόγραμμα γεωργικῶν ἐπενδύσεων τοῦ τρέχοντος ἔτους. Τὰ ἔργα θὰ ἐκτελεσθοῦν εἰς τοὺς νομοὺς Μακεδονίας, Θεσσαλίας καὶ Πελοποννήσου.

ΣΥΝΕΧΙΖΕΤΑΙ ΕΙΣ ΤΑΣ ΑΘΗΝΑΣ Η ΑΠΕΡΓΙΑ ΤΩΝ ΕΡΓΑΤΩΝ ΤΥΠΟΥ ΚΑΙ ΤΩΝ ΛΙΝΟΤΥΠΩΝ

ΑΘΗΝΑΙ, 15.— Συνεχίζεται διὰ δευτέραν ἡμέραν ἡ ἀπεργία τῶν ἐργατῶν τύπου καὶ τῶν λινοτυπῶν. Αἱ ἐφημερίδες τῶν Ἀθηνῶν δὲν ἐκυκλοφόρησαν σήμερον. Αἱ διαπραγματεύσεις μεταξὺ ἐκδοτῶν καὶ ἐργαζομένων συνεχίζονται.

ΑΘΗΝΑΙ, 15.— Συνεχίζεται διὰ δευτέραν ἡμέραν ἡ ἀπεργία τῶν ἐργατῶν τύπου καὶ τῶν λινοτυπῶν. Αἱ ἐφημερίδες τῶν Ἀθηνῶν δὲν ἐκυκλοφόρησαν σήμερον. Αἱ διαπραγματεύσεις μεταξὺ ἐκδοτῶν καὶ ἐργαζομένων συνεχίζονται.

ΑΘΗΝΑΙ, 15.— Συνεχίζεται διὰ δευτέραν ἡμέραν ἡ ἀπεργία τῶν ἐργατῶν τύπου καὶ τῶν λινοτυπῶν. Αἱ ἐφημερίδες τῶν Ἀθηνῶν δὲν ἐκυκλοφόρησαν σήμερον. Αἱ διαπραγματεύσεις μεταξὺ ἐκδοτῶν καὶ ἐργαζομένων συνεχίζονται.

ΑΘΗΝΑΙ, 15.— Συνεχίζεται διὰ δευτέραν ἡμέραν ἡ ἀπεργία τῶν ἐργατῶν τύπου καὶ τῶν λινοτυπῶν. Αἱ ἐφημερίδες τῶν Ἀθηνῶν δὲν ἐκυκλοφόρησαν σήμερον. Αἱ διαπραγματεύσεις μεταξὺ ἐκδοτῶν καὶ ἐργαζομένων συνεχίζονται.

Η ΕΛΒΕΤΙΑ ΘΑ ΔΙΑΤΗΡΗΣΗ ΤΗΝ ΕΛΕΥΘΕΡΙΑΝ ΑΤΟΜΙΚΟΥ ΕΞΟΠΛΙΣΜΟΥ ΤΟΥ ΣΤΡΑΤΟΥ ΤΗΣ

ΒΕΡΝΗ, 15. (Ἀσσ. Πρές).— Ἡ Ἑλβετικὴ Κυβέρνησις ἀπεφάσισε νὰ διατηρήσῃ τὴν ἐλευθερίαν ἀτομικοῦ ἐξοπλισμοῦ τοῦ στρατοῦ της.

ΒΕΡΝΗ, 15. (Ἀσσ. Πρές).— Ἡ Ἑλβετικὴ Κυβέρνησις ἀπεφάσισε νὰ διατηρήσῃ τὴν ἐλευθερίαν ἀτομικοῦ ἐξοπλισμοῦ τοῦ στρατοῦ της.

ΒΕΡΝΗ, 15. (Ἀσσ. Πρές).— Ἡ Ἑλβετικὴ Κυβέρνησις ἀπεφάσισε νὰ διατηρήσῃ τὴν ἐλευθερίαν ἀτομικοῦ ἐξοπλισμοῦ τοῦ στρατοῦ της.

ΒΕΡΝΗ, 15. (Ἀσσ. Πρές).— Ἡ Ἑλβετικὴ Κυβέρνησις ἀπεφάσισε νὰ διατηρήσῃ τὴν ἐλευθερίαν ἀτομικοῦ ἐξοπλισμοῦ τοῦ στρατοῦ της.

Ο ΥΠΟΥΡΓΟΣ ΕΞΩΤΕΡΙΚΩΝ ΤΗΣ ΑΥΣΤΡΙΑΣ ΑΦΙΚΕΤΟ ΣΗΜΕΡΟΝ ΕΙΣ ΒΕΛΙΓΡΑΔΙΟΝ
ΘΑ ΥΠΟΓΡΑΦΗ ΕΜΠΟΡΙΚΗ ΣΥΜΦΩΝΙΑ

ΒΕΛΙΓΡΑΔΙΟΝ, 15. (Ἀσσ. Πρές).— Ὁ Αὐστριακὸς ὑπουργὸς Ἐξωτερικῶν κ. Κράϊσκυ ἀφίκετο σήμερον εἰς Βελιγράδιον. Θὰ ὑπογραφῇ ἐμπορικὴ συμφωνία μεταξὺ τῶν δύο χωρῶν.

ΒΕΛΙΓΡΑΔΙΟΝ, 15. (Ἀσσ. Πρές).— Ὁ Αὐστριακὸς ὑπουργὸς Ἐξωτερικῶν κ. Κράϊσκυ ἀφίκετο σήμερον εἰς Βελιγράδιον. Θὰ ὑπογραφῇ ἐμπορικὴ συμφωνία μεταξὺ τῶν δύο χωρῶν.

ΕΙΣΗΧΘΗ ΕΙΣ ΚΛΙΝΙΚΗΝ ΩΣ ΝΕΑΝΙΣ ΚΑΙ ΕΞΕΧΩΡΗΣΕ ΩΣ ΝΕΑΝΙΑΣ

ΡΩΜΗ, 15. (Ἀσσ. Πρές).— Μία νεᾶνις εἰσήχθη εἰς κλινικὴν καὶ ἐξεχώρησεν ὡς νεανίας. ΠΑΡΙΣΙΟΙ, 15.— Δύο Γάλλοι τεχνικοὶ ὑπέστησαν ἐλαφρὰν ραδιενέργειαν. ΜΠΟΥΕΝΟΣ ΑΫΡΕΣ, 15.— Συνελήφθησαν 15 περονισταὶ ἡγέται.

ΔΥΟ ΓΑΛΛΟΙ ΤΕΧΝΙΚΟΙ ΥΠΕΣΤΗΣΑΝ ΕΛΑΦΡΑΝ ΡΑΔΙΕΝΕΡΓΕΙΑΝ

ΡΩΜΗ, 15. (Ἀσσ. Πρές).— Μία νεᾶνις εἰσήχθη εἰς κλινικὴν καὶ ἐξεχώρησεν ὡς νεανίας. ΠΑΡΙΣΙΟΙ, 15.— Δύο Γάλλοι τεχνικοὶ ὑπέστησαν ἐλαφρὰν ραδιενέργειαν. ΜΠΟΥΕΝΟΣ ΑΫΡΕΣ, 15.— Συνελήφθησαν 15 περονισταὶ ἡγέται.

15 ΠΕΡΟΝΙΣΤΑΙ ΗΓΕΤΑΙ ΣΥΝΕΛΗΦΘΗΣΑΝ ΕΙΣ ΜΠΟΥΕΝΟΣ ΑΫΡΕΣ

ΡΩΜΗ, 15. (Ἀσσ. Πρές).— Μία νεᾶνις εἰσήχθη εἰς κλινικὴν καὶ ἐξεχώρησεν ὡς νεανίας. ΠΑΡΙΣΙΟΙ, 15.— Δύο Γάλλοι τεχνικοὶ ὑπέστησαν ἐλαφρὰν ραδιενέργειαν. ΜΠΟΥΕΝΟΣ ΑΫΡΕΣ, 15.— Συνελήφθησαν 15 περονισταὶ ἡγέται.

Η ΓΕΝΕΑ ΜΑΣ, ΔΙΑΚΗΡΥΣΣΕΙ Ο ΜΠΕΝ ΓΚΟΥΡΙΟΝ ΘΑ ΙΔΗ ΠΡΑΓΜΑΤΟΠΟΙΟΥΜΕΝΑ ΤΑ ΡΗΜΑΤΑ ΤΟΥ ΠΡΟΦΗΤΟΥ ΗΣΑΪΟΥ ΚΑΘ' Α ΤΑ ΞΙΦΗ ΘΑ ΜΕΤΑΤΡΑΠΟΥΝ ΕΙΣ ΑΡΟΤΡΑ

ΗΝΩΜΕΝΑ ΕΘΝΗ, 15. (Ρώϋτερ).— Ὁ Πρωθυπουργὸς τοῦ Ἰσραὴλ κ. Μπὲν Γκουριὸν ἐδήλωσεν ὅτι ἡ γενεά μας θὰ ἴδῃ πραγματοποιούμενα τὰ ρήματα τοῦ προφήτου Ἠσαΐου, καθ' ἃ τὰ ξίφη θὰ μετατραποῦν εἰς ἄροτρα.

ΗΝΩΜΕΝΑ ΕΘΝΗ, 15. (Ρώϋτερ).— Ὁ Πρωθυπουργὸς τοῦ Ἰσραὴλ κ. Μπὲν Γκουριὸν ἐδήλωσεν ὅτι ἡ γενεά μας θὰ ἴδῃ πραγματοποιούμενα τὰ ρήματα τοῦ προφήτου Ἠσαΐου, καθ' ἃ τὰ ξίφη θὰ μετατραποῦν εἰς ἄροτρα.

ΑΙ ΣΥΝΟΜΙΛΙΑΙ ΕΝ ΛΟΝΔΙΝΩ

ΗΝΩΜΕΝΑ ΕΘΝΗ, 15. (Ρώϋτερ).— Ὁ Πρωθυπουργὸς τοῦ Ἰσραὴλ κ. Μπὲν Γκουριὸν ἐδήλωσεν ὅτι ἡ γενεά μας θὰ ἴδῃ πραγματοποιούμενα τὰ ρήματα τοῦ προφήτου Ἠσαΐου, καθ' ἃ τὰ ξίφη θὰ μετατραποῦν εἰς ἄροτρα.

ΗΝΩΜΕΝΑ ΕΘΝΗ, 15. (Ρώϋτερ).— Ὁ Πρωθυπουργὸς τοῦ Ἰσραὴλ κ. Μπὲν Γκουριὸν ἐδήλωσεν ὅτι ἡ γενεά μας θὰ ἴδῃ πραγματοποιούμενα τὰ ρήματα τοῦ προφήτου Ἠσαΐου, καθ' ἃ τὰ ξίφη θὰ μετατραποῦν εἰς ἄροτρα.

ΗΝΩΜΕΝΑ ΕΘΝΗ, 15. (Ρώϋτερ).— Ὁ Πρωθυπουργὸς τοῦ Ἰσραὴλ κ. Μπὲν Γκουριὸν ἐδήλωσεν ὅτι ἡ γενεά μας θὰ ἴδῃ πραγματοποιούμενα τὰ ρήματα τοῦ προφήτου Ἠσαΐου, καθ' ἃ τὰ ξίφη θὰ μετατραποῦν εἰς ἄροτρα.

ΑΙΘΡΙΑ ΚΑΙ ΑΝΟΔΟΣ ΤΗΣ ΘΕΡΜΟΚΡΑΣΙΑΣ ΠΡΟΒΛΕΠΕΤΑΙ ΝΑ ΕΠΙΚΡΑΤΗΣΗ ΣΗΜΕΡΟΝ
ΘΕΟΜΗΝΙΑ ΕΠΛΗΞΕ ΠΑΛΙΝ ΤΗ ΦΡΕΣΥΕ

ΑΘΗΝΑΙ, 15.— Αἰθρία καὶ ἄνοδος τῆς θερμοκρασίας προβλέπεται νὰ ἐπικρατήσῃ σήμερον εἰς ὁλόκληρον τὴν χώραν, κατὰ τὴν ἀνακοίνωσιν τῆς Μετεωρολογικῆς Ὑπηρεσίας. Ἄνεμοι ἀσθενεῖς βόρειοι.

400 ΟΧΗΜΑΤΑ ΑΠΕΚΛΕΙΣΘΗΣΑΝ

ΑΘΗΝΑΙ, 15.— Αἰθρία καὶ ἄνοδος τῆς θερμοκρασίας προβλέπεται νὰ ἐπικρατήσῃ σήμερον εἰς ὁλόκληρον τὴν χώραν, κατὰ τὴν ἀνακοίνωσιν τῆς Μετεωρολογικῆς Ὑπηρεσίας. Ἄνεμοι ἀσθενεῖς βόρειοι.

ΘΕΟΜΗΝΙΑ ΕΠΛΗΞΕ ΤΗΝ ΦΡΕΣΥΕ

ΑΘΗΝΑΙ, 15.— Αἰθρία καὶ ἄνοδος τῆς θερμοκρασίας προβλέπεται νὰ ἐπικρατήσῃ σήμερον εἰς ὁλόκληρον τὴν χώραν, κατὰ τὴν ἀνακοίνωσιν τῆς Μετεωρολογικῆς Ὑπηρεσίας. Ἄνεμοι ἀσθενεῖς βόρειοι.

ΓΕΥΜΑ ΠΡΟΣ ΤΙΜΗΝ ΤΟΥ ΑΝΤΙΝΑΥΑΡΧΟΥ ΥΠΟ ΤΟΥ ΑΝΤΕΝΑΟΥΕΡ

ΡΩΜΗ, 15. (Ἀσσ. Πρές).— Μία νεᾶνις εἰσήχθη εἰς κλινικὴν καὶ ἐξεχώρησεν ὡς νεανίας. ΠΑΡΙΣΙΟΙ, 15.— Δύο Γάλλοι τεχνικοὶ ὑπέστησαν ἐλαφρὰν ραδιενέργειαν. ΜΠΟΥΕΝΟΣ ΑΫΡΕΣ, 15.— Συνελήφθησαν 15 περονισταὶ ἡγέται.

ΕΡΓΟΣΤΑΣΙΟΝ ΠΑΡΑΓΩΓΗΣ ΗΛΕΚΤΡΙΚΩΝ ΛΑΜΠΤΗΡΩΝ ΕΤΟΙΜΑΖΕΤΑΙ ΕΙΣ ΤΟ ΙΡΑΚ

ΡΩΜΗ, 15. (Ἀσσ. Πρές).— Μία νεᾶνις εἰσήχθη εἰς κλινικὴν καὶ ἐξεχώρησεν ὡς νεανίας. ΠΑΡΙΣΙΟΙ, 15.— Δύο Γάλλοι τεχνικοὶ ὑπέστησαν ἐλαφρὰν ραδιενέργειαν. ΜΠΟΥΕΝΟΣ ΑΫΡΕΣ, 15.— Συνελήφθησαν 15 περονισταὶ ἡγέται.

ΤΟ ΦΘΙΝΟΠΩΡΟΝ Ο ΜΑΚ ΜΙΛΛΑΝ ΕΙΣ ΤΗΝ ΡΩΜΗΝ

ΡΩΜΗ, 15. (Ἀσσ. Πρές).— Μία νεᾶνις εἰσήχθη εἰς κλινικὴν καὶ ἐξεχώρησεν ὡς νεανίας. ΠΑΡΙΣΙΟΙ, 15.— Δύο Γάλλοι τεχνικοὶ ὑπέστησαν ἐλαφρὰν ραδιενέργειαν. ΜΠΟΥΕΝΟΣ ΑΫΡΕΣ, 15.— Συνελήφθησαν 15 περονισταὶ ἡγέται.

ΤΟ ΧΛΟΥΜΠ ΤΩΝ ΚΛΕΠΤΩΝ

ΡΩΜΗ, 15. (Ἀσσ. Πρές).— Μία νεᾶνις εἰσήχθη εἰς κλινικὴν καὶ ἐξεχώρησεν ὡς νεανίας. ΠΑΡΙΣΙΟΙ, 15.— Δύο Γάλλοι τεχνικοὶ ὑπέστησαν ἐλαφρὰν ραδιενέργειαν. ΜΠΟΥΕΝΟΣ ΑΫΡΕΣ, 15.— Συνελήφθησαν 15 περονισταὶ ἡγέται.

ΜΙΚΡΑΙ ΕΙΔΗΣΕΙΣ ΕΞ ΑΘΗΝΩΝ ΧΩΡΙΣ ΤΙΤΛΟΝ

ΑΘΗΝΑΙ, 15.— Ὁ ὑπουργὸς Ἐμπορίου ἐδέχθη ἀντιπροσωπείαν ἐμπόρων. Ἡ Ἐθνικὴ Τράπεζα ἀνεκοίνωσε νέον πρόγραμμα δανείων. Εἰς τὸ Ὑπουργεῖον Παιδείας συνῆλθεν ἐπιτροπή.

ΑΘΗΝΑΙ, 15.— Ὁ ὑπουργὸς Ἐμπορίου ἐδέχθη ἀντιπροσωπείαν ἐμπόρων. Ἡ Ἐθνικὴ Τράπεζα ἀνεκοίνωσε νέον πρόγραμμα δανείων. Εἰς τὸ Ὑπουργεῖον Παιδείας συνῆλθεν ἐπιτροπή.

ΑΘΗΝΑΙ, 15.— Ὁ ὑπουργὸς Ἐμπορίου ἐδέχθη ἀντιπροσωπείαν ἐμπόρων. Ἡ Ἐθνικὴ Τράπεζα ἀνεκοίνωσε νέον πρόγραμμα δανείων. Εἰς τὸ Ὑπουργεῖον Παιδείας συνῆλθεν ἐπιτροπή.

ΑΘΗΝΑΙ, 15.— Ὁ ὑπουργὸς Ἐμπορίου ἐδέχθη ἀντιπροσωπείαν ἐμπόρων. Ἡ Ἐθνικὴ Τράπεζα ἀνεκοίνωσε νέον πρόγραμμα δανείων. Εἰς τὸ Ὑπουργεῖον Παιδείας συνῆλθεν ἐπιτροπή.

ΑΘΗΝΑΙ, 15.— Ὁ ὑπουργὸς Ἐμπορίου ἐδέχθη ἀντιπροσωπείαν ἐμπόρων. Ἡ Ἐθνικὴ Τράπεζα ἀνεκοίνωσε νέον πρόγραμμα δανείων. Εἰς τὸ Ὑπουργεῖον Παιδείας συνῆλθεν ἐπιτροπή.

ΤΟΥ ΖΩΡΙΝ

ΑΘΗΝΑΙ, 15.— Ὁ ὑπουργὸς Ἐμπορίου ἐδέχθη ἀντιπροσωπείαν ἐμπόρων. Ἡ Ἐθνικὴ Τράπεζα ἀνεκοίνωσε νέον πρόγραμμα δανείων. Εἰς τὸ Ὑπουργεῖον Παιδείας συνῆλθεν ἐπιτροπή.

ΕΙΣ ΤΑ ΠΑΡΑΣΚΗΝΙΑ ΤΗΣ ΔΙΑΣΚΕΨΕΩΣ

ΑΘΗΝΑΙ, 15.— Ὁ ὑπουργὸς Ἐμπορίου ἐδέχθη ἀντιπροσωπείαν ἐμπόρων. Ἡ Ἐθνικὴ Τράπεζα ἀνεκοίνωσε νέον πρόγραμμα δανείων. Εἰς τὸ Ὑπουργεῖον Παιδείας συνῆλθεν ἐπιτροπή.

ΤΟ ΣΤΕΗΤ ΝΤΗΠΑΡΤΜΕΝΤ ΔΙΑΨΕΥΔΕΙ ΟΤΙ ΕΝΕΘΑΡΡΥΝΕ ΚΑΤΑ ΤΟ 1956 ΤΗΝ ΕΙΣΒΟΛΗΝ ΕΙΣ ΟΥΓΓΑΡΙΑΝ

ΟΥΑΣΙΓΚΤΩΝ, 15. (Ἀσσ. Πρές).— Τὸ Στέητ Ντηπάρτμεντ διαψεύδει ὅτι ἐνεθάρρυνε κατὰ τὸ 1956 τὴν εἰσβολὴν εἰς Οὐγγαρίαν.

ΟΥΑΣΙΓΚΤΩΝ, 15. (Ἀσσ. Πρές).— Τὸ Στέητ Ντηπάρτμεντ διαψεύδει ὅτι ἐνεθάρρυνε κατὰ τὸ 1956 τὴν εἰσβολὴν εἰς Οὐγγαρίαν.

ΟΥΑΣΙΓΚΤΩΝ, 15. (Ἀσσ. Πρές).— Τὸ Στέητ Ντηπάρτμεντ διαψεύδει ὅτι ἐνεθάρρυνε κατὰ τὸ 1956 τὴν εἰσβολὴν εἰς Οὐγγαρίαν.

ΟΥΑΣΙΓΚΤΩΝ, 15. (Ἀσσ. Πρές).— Τὸ Στέητ Ντηπάρτμεντ διαψεύδει ὅτι ἐνεθάρρυνε κατὰ τὸ 1956 τὴν εἰσβολὴν εἰς Οὐγγαρίαν.
